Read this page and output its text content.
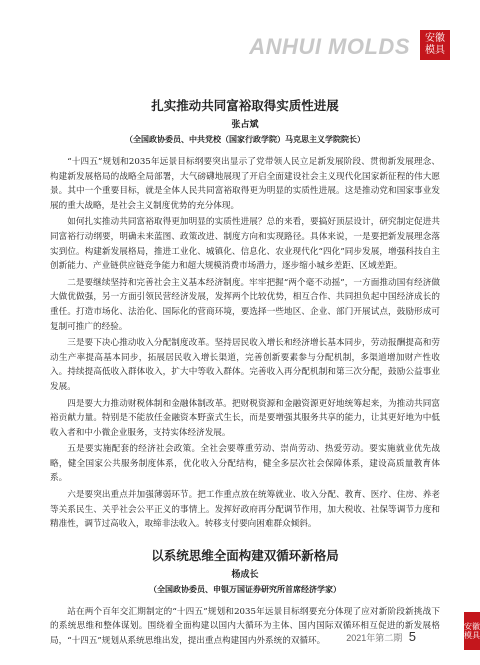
ANHUI MOLDS	安徽
模具
扎实推动共同富裕取得实质性进展
张占斌
（全国政协委员、中共党校（国家行政学院）马克思主义学院院长）

“十四五”规划和2035年远景目标纲要突出显示了党带领人民立足新发展阶段、贯彻新发展理念、构建新发展格局的战略全局部署，大气磅礴地展现了开启全面建设社会主义现代化国家新征程的伟大愿景。其中一个重要目标，就是全体人民共同富裕取得更为明显的实质性进展。这是推动党和国家事业发展的重大战略，是社会主义制度优势的充分体现。

如何扎实推动共同富裕取得更加明显的实质性进展？总的来看，要搞好顶层设计，研究制定促进共同富裕行动纲要，明确未来蓝图、政策改进、制度方向和实现路径。具体来说，一是要把新发展理念落实到位。构建新发展格局，推进工业化、城镇化、信息化、农业现代化“四化”同步发展，增强科技自主创新能力、产业链供应链竞争能力和超大规模消费市场潜力，逐步缩小城乡差距、区域差距。

二是要继续坚持和完善社会主义基本经济制度。牢牢把握“两个毫不动摇”，一方面推动国有经济做大做优做强，另一方面引领民营经济发展，发挥两个比较优势，相互合作、共同担负起中国经济成长的重任。打造市场化、法治化、国际化的营商环境，要选择一些地区、企业、部门开展试点，鼓励形成可复制可推广的经验。

三是要下决心推动收入分配制度改革。坚持居民收入增长和经济增长基本同步，劳动报酬提高和劳动生产率提高基本同步，拓展居民收入增长渠道，完善创新要素参与分配机制，多渠道增加财产性收入。持续提高低收入群体收入，扩大中等收入群体。完善收入再分配机制和第三次分配，鼓励公益事业发展。

四是要大力推动财税体制和金融体制改革。把财税资源和金融资源更好地统筹起来，为推动共同富裕贡献力量。特别是不能放任金融资本野蛮式生长，而是要增强其服务共享的能力，让其更好地为中低收入者和中小微企业服务，支持实体经济发展。

五是要实施配套的经济社会政策。全社会要尊重劳动、崇尚劳动、热爱劳动。要实施就业优先战略，健全国家公共服务制度体系，优化收入分配结构，健全多层次社会保障体系，建设高质量教育体系。

六是要突出重点并加强薄弱环节。把工作重点放在统筹就业、收入分配、教育、医疗、住房、养老等关系民生、关乎社会公平正义的事情上。发挥好政府再分配调节作用，加大税收、社保等调节力度和精准性，调节过高收入，取缔非法收入。转移支付要向困难群众倾斜。

以系统思维全面构建双循环新格局
杨成长
（全国政协委员、申银万国证券研究所首席经济学家）

站在两个百年交汇期制定的“十四五”规划和2035年远景目标纲要充分体现了应对新阶段新挑战下的系统思维和整体谋划。围绕着全面构建以国内大循环为主体、国内国际双循环相互促进的新发展格局，“十四五”规划从系统思维出发，提出重点构建国内外系统的双循环。

安徽
模具
2021年第二期 5
